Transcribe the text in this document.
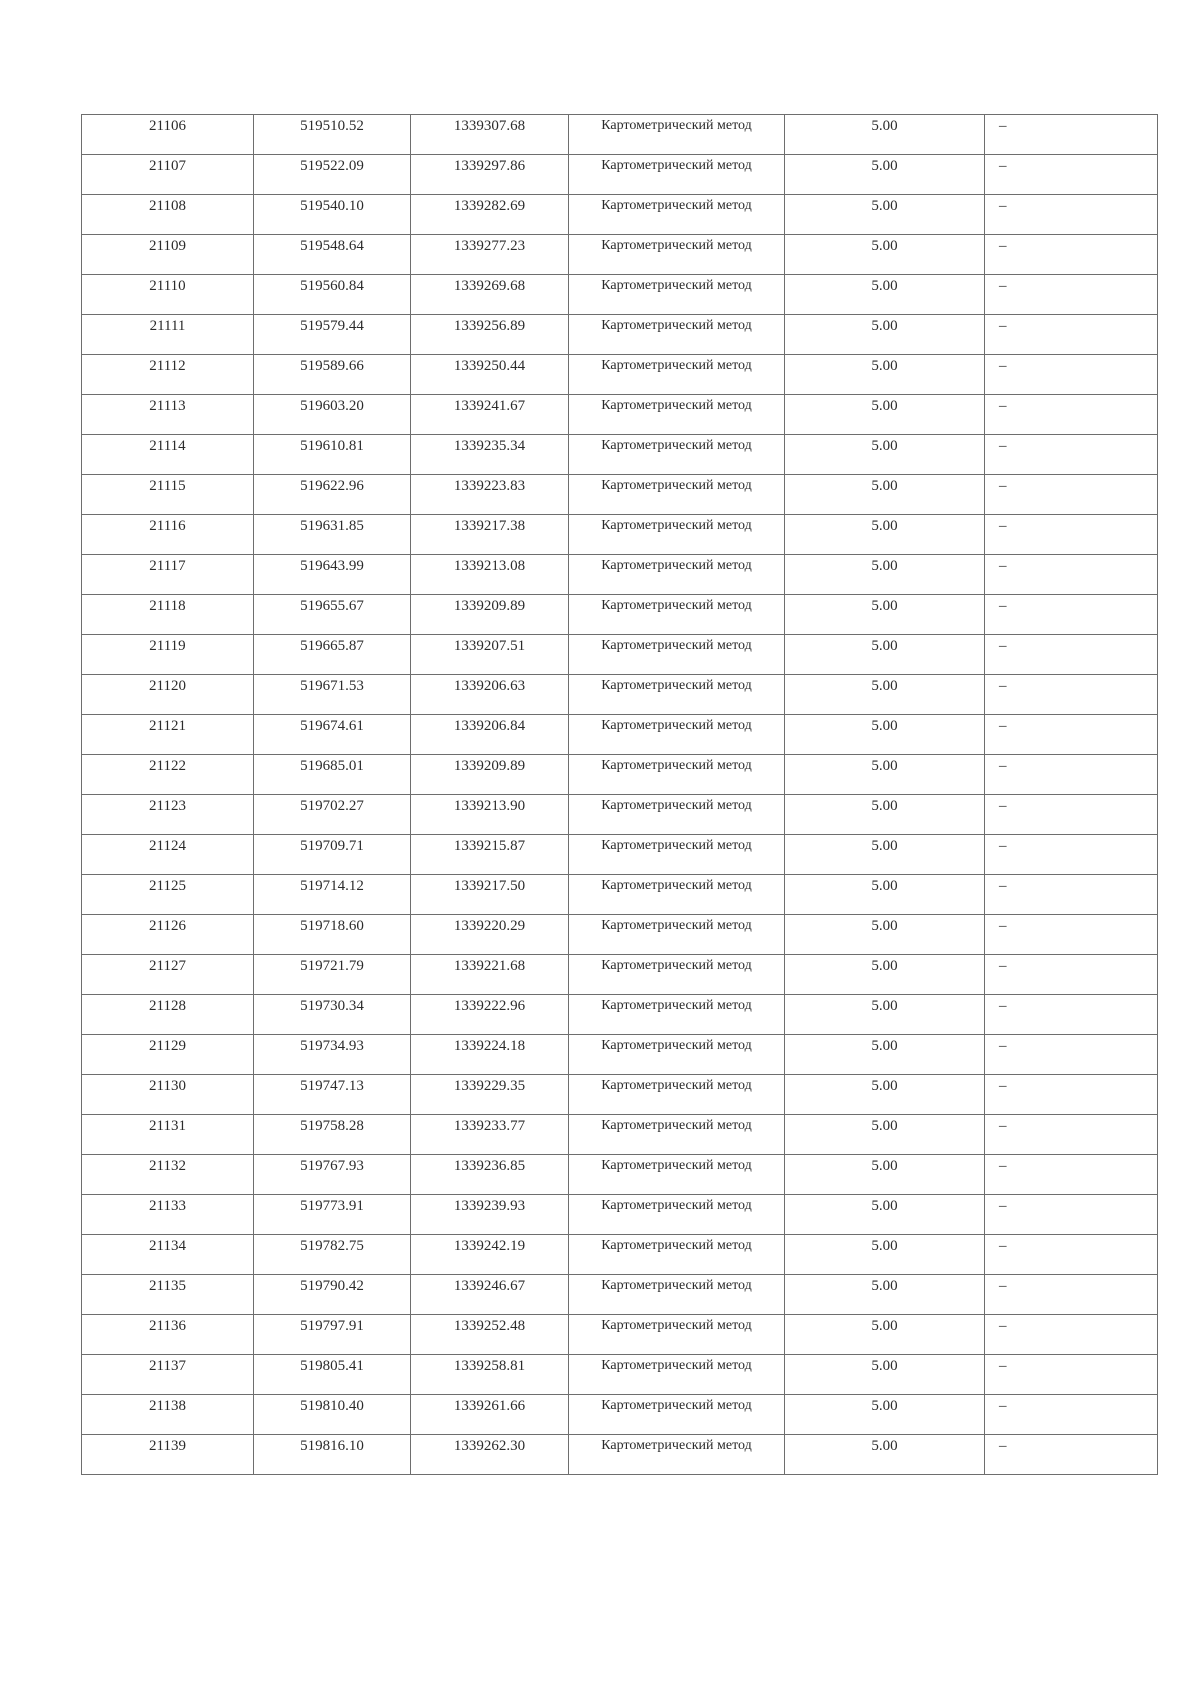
21106	519510.52	1339307.68	Картометрический метод	5.00	–
21107	519522.09	1339297.86	Картометрический метод	5.00	–
21108	519540.10	1339282.69	Картометрический метод	5.00	–
21109	519548.64	1339277.23	Картометрический метод	5.00	–
21110	519560.84	1339269.68	Картометрический метод	5.00	–
21111	519579.44	1339256.89	Картометрический метод	5.00	–
21112	519589.66	1339250.44	Картометрический метод	5.00	–
21113	519603.20	1339241.67	Картометрический метод	5.00	–
21114	519610.81	1339235.34	Картометрический метод	5.00	–
21115	519622.96	1339223.83	Картометрический метод	5.00	–
21116	519631.85	1339217.38	Картометрический метод	5.00	–
21117	519643.99	1339213.08	Картометрический метод	5.00	–
21118	519655.67	1339209.89	Картометрический метод	5.00	–
21119	519665.87	1339207.51	Картометрический метод	5.00	–
21120	519671.53	1339206.63	Картометрический метод	5.00	–
21121	519674.61	1339206.84	Картометрический метод	5.00	–
21122	519685.01	1339209.89	Картометрический метод	5.00	–
21123	519702.27	1339213.90	Картометрический метод	5.00	–
21124	519709.71	1339215.87	Картометрический метод	5.00	–
21125	519714.12	1339217.50	Картометрический метод	5.00	–
21126	519718.60	1339220.29	Картометрический метод	5.00	–
21127	519721.79	1339221.68	Картометрический метод	5.00	–
21128	519730.34	1339222.96	Картометрический метод	5.00	–
21129	519734.93	1339224.18	Картометрический метод	5.00	–
21130	519747.13	1339229.35	Картометрический метод	5.00	–
21131	519758.28	1339233.77	Картометрический метод	5.00	–
21132	519767.93	1339236.85	Картометрический метод	5.00	–
21133	519773.91	1339239.93	Картометрический метод	5.00	–
21134	519782.75	1339242.19	Картометрический метод	5.00	–
21135	519790.42	1339246.67	Картометрический метод	5.00	–
21136	519797.91	1339252.48	Картометрический метод	5.00	–
21137	519805.41	1339258.81	Картометрический метод	5.00	–
21138	519810.40	1339261.66	Картометрический метод	5.00	–
21139	519816.10	1339262.30	Картометрический метод	5.00	–
